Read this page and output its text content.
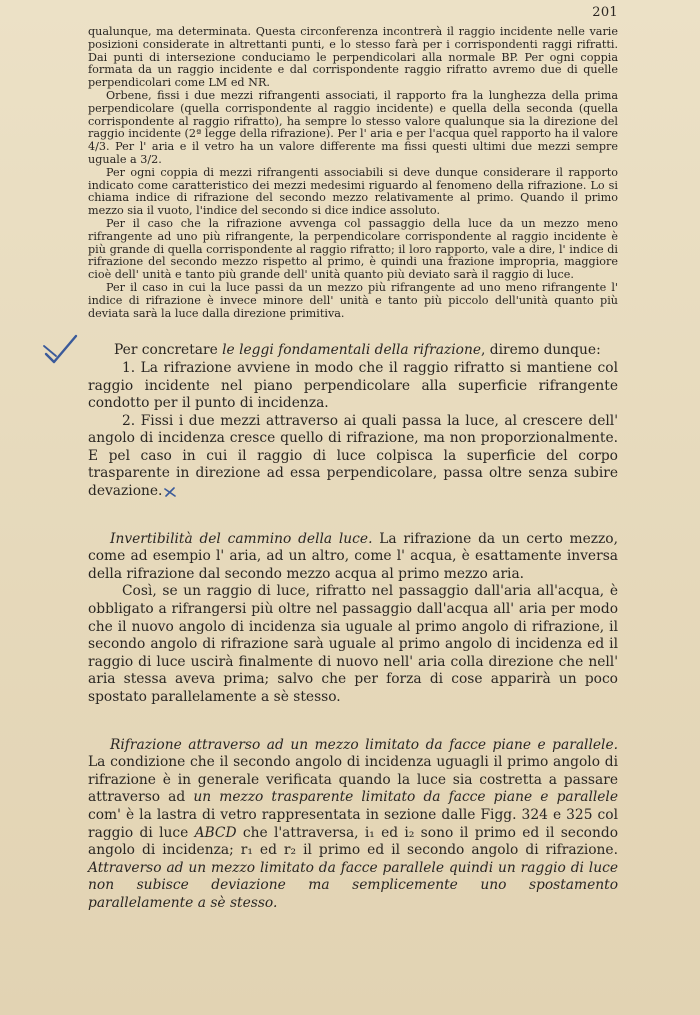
201

qualunque, ma determinata. Questa circonferenza incontrerà il raggio incidente nelle varie posizioni considerate in altrettanti punti, e lo stesso farà per i corrispondenti raggi rifratti. Dai punti di intersezione conduciamo le perpendicolari alla normale BP. Per ogni coppia formata da un raggio incidente e dal corrispondente raggio rifratto avremo due di quelle perpendicolari come LM ed NR.

Orbene, fissi i due mezzi rifrangenti associati, il rapporto fra la lunghezza della prima perpendicolare (quella corrispondente al raggio incidente) e quella della seconda (quella corrispondente al raggio rifratto), ha sempre lo stesso valore qualunque sia la direzione del raggio incidente (2ª legge della rifrazione). Per l' aria e per l'acqua quel rapporto ha il valore 4/3. Per l' aria e il vetro ha un valore differente ma fissi questi ultimi due mezzi sempre uguale a 3/2.

Per ogni coppia di mezzi rifrangenti associabili si deve dunque considerare il rapporto indicato come caratteristico dei mezzi medesimi riguardo al fenomeno della rifrazione. Lo si chiama indice di rifrazione del secondo mezzo relativamente al primo. Quando il primo mezzo sia il vuoto, l'indice del secondo si dice indice assoluto.

Per il caso che la rifrazione avvenga col passaggio della luce da un mezzo meno rifrangente ad uno più rifrangente, la perpendicolare corrispondente al raggio incidente è più grande di quella corrispondente al raggio rifratto; il loro rapporto, vale a dire, l' indice di rifrazione del secondo mezzo rispetto al primo, è quindi una frazione impropria, maggiore cioè dell' unità e tanto più grande dell' unità quanto più deviato sarà il raggio di luce.

Per il caso in cui la luce passi da un mezzo più rifrangente ad uno meno rifrangente l' indice di rifrazione è invece minore dell' unità e tanto più piccolo dell'unità quanto più deviata sarà la luce dalla direzione primitiva.

Per concretare le leggi fondamentali della rifrazione, diremo dunque:

1. La rifrazione avviene in modo che il raggio rifratto si mantiene col raggio incidente nel piano perpendicolare alla superficie rifrangente condotto per il punto di incidenza.

2. Fissi i due mezzi attraverso ai quali passa la luce, al crescere dell' angolo di incidenza cresce quello di rifrazione, ma non proporzionalmente. E pel caso in cui il raggio di luce colpisca la superficie del corpo trasparente in direzione ad essa perpendicolare, passa oltre senza subire devazione.

Invertibilità del cammino della luce. La rifrazione da un certo mezzo, come ad esempio l' aria, ad un altro, come l' acqua, è esattamente inversa della rifrazione dal secondo mezzo acqua al primo mezzo aria.

Così, se un raggio di luce, rifratto nel passaggio dall'aria all'acqua, è obbligato a rifrangersi più oltre nel passaggio dall'acqua all' aria per modo che il nuovo angolo di incidenza sia uguale al primo angolo di rifrazione, il secondo angolo di rifrazione sarà uguale al primo angolo di incidenza ed il raggio di luce uscirà finalmente di nuovo nell' aria colla direzione che nell' aria stessa aveva prima; salvo che per forza di cose apparirà un poco spostato parallelamente a sè stesso.

Rifrazione attraverso ad un mezzo limitato da facce piane e parallele. La condizione che il secondo angolo di incidenza uguagli il primo angolo di rifrazione è in generale verificata quando la luce sia costretta a passare attraverso ad un mezzo trasparente limitato da facce piane e parallele com' è la lastra di vetro rappresentata in sezione dalle Figg. 324 e 325 col raggio di luce ABCD che l'attraversa, i₁ ed i₂ sono il primo ed il secondo angolo di incidenza; r₁ ed r₂ il primo ed il secondo angolo di rifrazione. Attraverso ad un mezzo limitato da facce parallele quindi un raggio di luce non subisce deviazione ma semplicemente uno spostamento parallelamente a sè stesso.
